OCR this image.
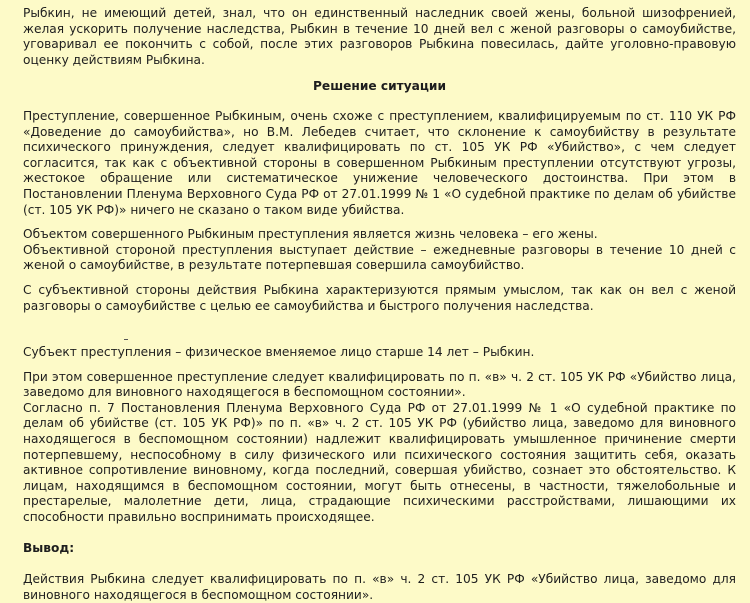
Рыбкин, не имеющий детей, знал, что он единственный наследник своей жены, больной шизофренией, желая ускорить получение наследства, Рыбкин в течение 10 дней вел с женой разговоры о самоубийстве, уговаривал ее покончить с собой, после этих разговоров Рыбкина повесилась, дайте уголовно-правовую оценку действиям Рыбкина.

Решение ситуации

Преступление, совершенное Рыбкиным, очень схоже с преступлением, квалифицируемым по ст. 110 УК РФ «Доведение до самоубийства», но В.М. Лебедев считает, что склонение к самоубийству в результате психического принуждения, следует квалифицировать по ст. 105 УК РФ «Убийство», с чем следует согласится, так как с объективной стороны в совершенном Рыбкиным преступлении отсутствуют угрозы, жестокое обращение или систематическое унижение человеческого достоинства. При этом в Постановлении Пленума Верховного Суда РФ от 27.01.1999 № 1 «О судебной практике по делам об убийстве (ст. 105 УК РФ)» ничего не сказано о таком виде убийства.

Объектом совершенного Рыбкиным преступления является жизнь человека – его жены.

Объективной стороной преступления выступает действие – ежедневные разговоры в течение 10 дней с женой о самоубийстве, в результате потерпевшая совершила самоубийство.

С субъективной стороны действия Рыбкина характеризуются прямым умыслом, так как он вел с женой разговоры о самоубийстве с целью ее самоубийства и быстрого получения наследства.

Субъект преступления – физическое вменяемое лицо старше 14 лет – Рыбкин.

При этом совершенное преступление следует квалифицировать по п. «в» ч. 2 ст. 105 УК РФ «Убийство лица, заведомо для виновного находящегося в беспомощном состоянии».

Согласно п. 7 Постановления Пленума Верховного Суда РФ от 27.01.1999 № 1 «О судебной практике по делам об убийстве (ст. 105 УК РФ)» по п. «в» ч. 2 ст. 105 УК РФ (убийство лица, заведомо для виновного находящегося в беспомощном состоянии) надлежит квалифицировать умышленное причинение смерти потерпевшему, неспособному в силу физического или психического состояния защитить себя, оказать активное сопротивление виновному, когда последний, совершая убийство, сознает это обстоятельство. К лицам, находящимся в беспомощном состоянии, могут быть отнесены, в частности, тяжелобольные и престарелые, малолетние дети, лица, страдающие психическими расстройствами, лишающими их способности правильно воспринимать происходящее.

Вывод:

Действия Рыбкина следует квалифицировать по п. «в» ч. 2 ст. 105 УК РФ «Убийство лица, заведомо для виновного находящегося в беспомощном состоянии».
